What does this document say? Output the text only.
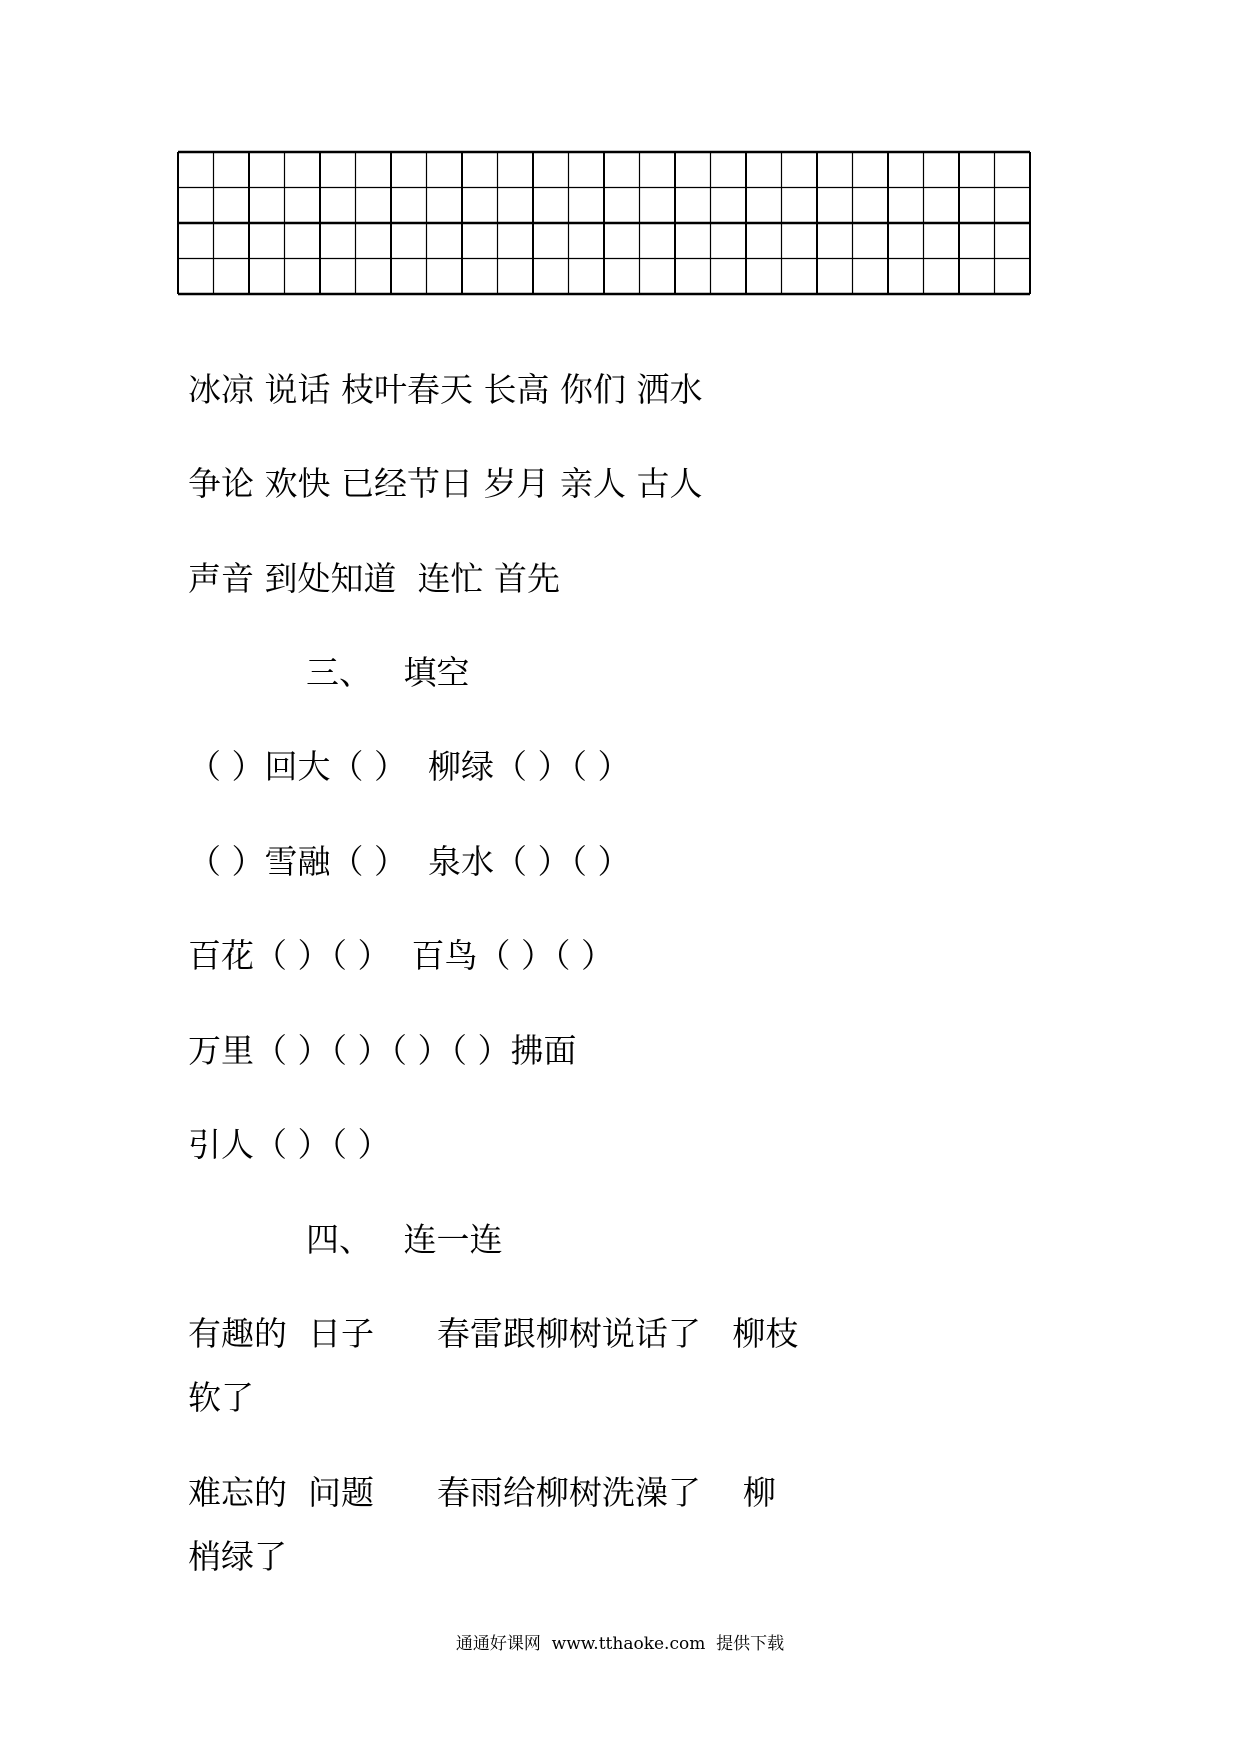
冰凉 说话 枝叶春天 长高 你们 洒水
争论 欢快 已经节日 岁月 亲人 古人
声音 到处知道  连忙 首先
三、   填空
（ ）回大（ ）  柳绿（ ）（ ）
（ ）雪融（ ）  泉水（ ）（ ）
百花（ ）（ ）  百鸟（ ）（ ）
万里（ ）（ ）（ ）（ ）拂面
引人（ ）（ ）
四、   连一连
有趣的  日子      春雷跟柳树说话了   柳枝
软了
难忘的  问题      春雨给柳树洗澡了    柳
梢绿了
通通好课网  www.tthaoke.com  提供下载
